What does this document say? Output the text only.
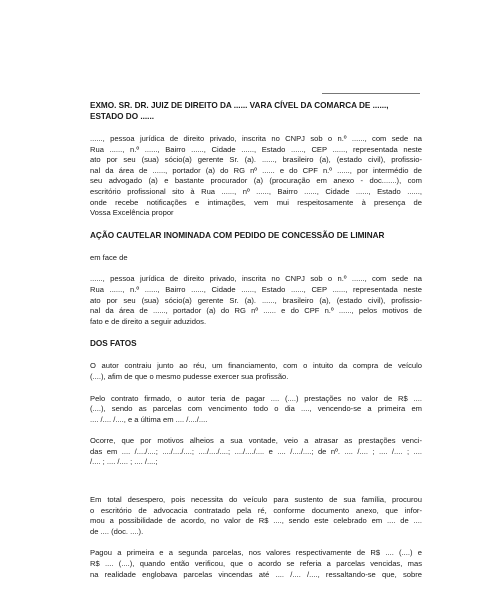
EXMO. SR. DR. JUIZ DE DIREITO DA ...... VARA CÍVEL DA COMARCA DE ......,
ESTADO DO ......
......, pessoa jurídica de direito privado, inscrita no CNPJ sob o n.º ......, com sede na
Rua ......, n.º ......, Bairro ......, Cidade ......, Estado ......, CEP ......, representada neste
ato por seu (sua) sócio(a) gerente Sr. (a). ......, brasileiro (a), (estado civil), profissio-
nal da área de ......, portador (a) do RG nº ...... e do CPF n.º ......, por intermédio de
seu advogado (a) e bastante procurador (a) (procuração em anexo - doc.......), com
escritório profissional sito à Rua ......, nº ......, Bairro ......, Cidade ......, Estado ......,
onde recebe notificações e intimações, vem mui respeitosamente à presença de
Vossa Excelência propor
AÇÃO CAUTELAR INOMINADA COM PEDIDO DE CONCESSÃO DE LIMINAR
em face de
......, pessoa jurídica de direito privado, inscrita no CNPJ sob o n.º ......, com sede na
Rua ......, n.º ......, Bairro ......, Cidade ......, Estado ......, CEP ......, representada neste
ato por seu (sua) sócio(a) gerente Sr. (a). ......, brasileiro (a), (estado civil), profissio-
nal da área de ......, portador (a) do RG nº ...... e do CPF n.º ......, pelos motivos de
fato e de direito a seguir aduzidos.
DOS FATOS
O autor contraiu junto ao réu, um financiamento, com o intuito da compra de veículo
(....), afim de que o mesmo pudesse exercer sua profissão.
Pelo contrato firmado, o autor teria de pagar .... (....) prestações no valor de R$ ....
(....), sendo as parcelas com vencimento todo o dia ...., vencendo-se a primeira em
.... /.... /...., e a última em .... /..../....
Ocorre, que por motivos alheios a sua vontade, veio a atrasar as prestações venci-
das em .... /..../....; ..../..../....; ..../..../....; ..../..../.... e .... /..../....; de nº. .... /.... ; .... /.... ; ....
/.... ; .... /.... ; .... /....;
Em total desespero, pois necessita do veículo para sustento de sua família, procurou
o escritório de advocacia contratado pela ré, conforme documento anexo, que infor-
mou a possibilidade de acordo, no valor de R$ ...., sendo este celebrado em .... de ....
de .... (doc. ....).
Pagou a primeira e a segunda parcelas, nos valores respectivamente de R$ .... (....) e
R$ .... (....), quando então verificou, que o acordo se referia a parcelas vencidas, mas
na realidade englobava parcelas vincendas até .... /.... /...., ressaltando-se que, sobre
